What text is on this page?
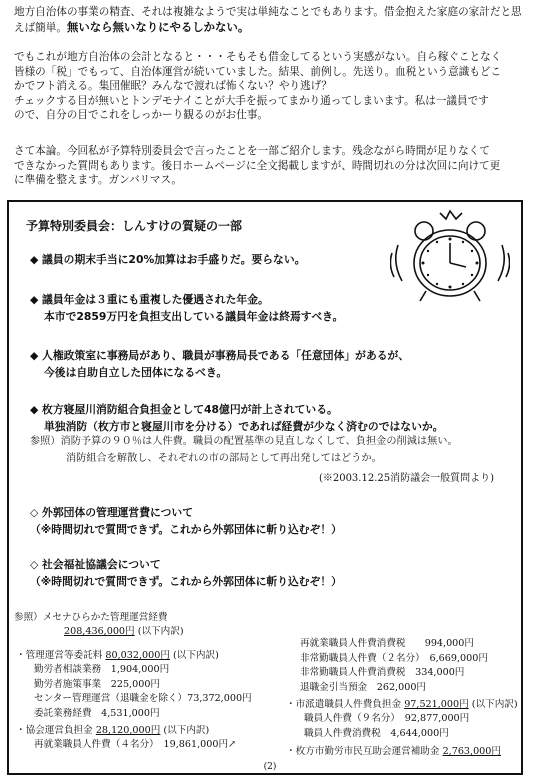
地方自治体の事業の精査、それは複雑なようで実は単純なことでもあります。借金抱えた家庭の家計だと思えば簡単。無いなら無いなりにやるしかない。

でもこれが地方自治体の会計となると・・・そもそも借金してるという実感がない。自ら稼ぐことなく

皆様の「税」でもって、自治体運営が続いていました。結果、前例し。先送り。血税という意識もどこ

かでフト消える。集団催眠？みんなで渡れば怖くない？やり逃げ？

チェックする目が無いとトンデモナイことが大手を振ってまかり通ってしまいます。私は一議員です

ので、自分の目でこれをしっかーり観るのがお仕事。

さて本論。今回私が予算特別委員会で言ったことを一部ご紹介します。残念ながら時間が足りなくて

できなかった質問もあります。後日ホームページに全文掲載しますが、時間切れの分は次回に向けて更

に準備を整えます。ガンバリマス。

予算特別委員会：しんすけの質疑の一部
◆ 議員の期末手当に20%加算はお手盛りだ。要らない。
◆ 議員年金は３重にも重複した優遇された年金。
本市で2859万円を負担支出している議員年金は終焉すべき。
◆ 人権政策室に事務局があり、職員が事務局長である「任意団体」があるが、
今後は自助自立した団体になるべき。
◆ 枚方寝屋川消防組合負担金として48億円が計上されている。
単独消防（枚方市と寝屋川市を分ける）であれば経費が少なく済むのではないか。
参照）消防予算の９０％は人件費。職員の配置基準の見直しなくして、負担金の削減は無い。
消防組合を解散し、それぞれの市の部局として再出発してはどうか。
(※2003.12.25消防議会一般質問より)
◇ 外郭団体の管理運営費について
（※時間切れで質問できず。これから外郭団体に斬り込むぞ！）
◇ 社会福祉協議会について
（※時間切れで質問できず。これから外郭団体に斬り込むぞ！）
参照）メセナひらかた管理運営経費
208,436,000円 (以下内訳)
・管理運営等委託料 80,032,000円 (以下内訳)
勤労者相談業務　1,904,000円
勤労者施策事業　225,000円
センター管理運営（退職金を除く）73,372,000円
委託業務経費　4,531,000円
・協会運営負担金 28,120,000円 (以下内訳)
再就業職員人件費（４名分）　19,861,000円↗
再就業職員人件費消費税　　994,000円
非常勤職員人件費（２名分）　6,669,000円
非常勤職員人件費消費税　334,000円
退職金引当預金　262,000円
・市派遣職員人件費負担金 97,521,000円 (以下内訳)
職員人件費（９名分）　92,877,000円
職員人件費消費税　4,644,000円
・枚方市勤労市民互助会運営補助金 2,763,000円
(2)
